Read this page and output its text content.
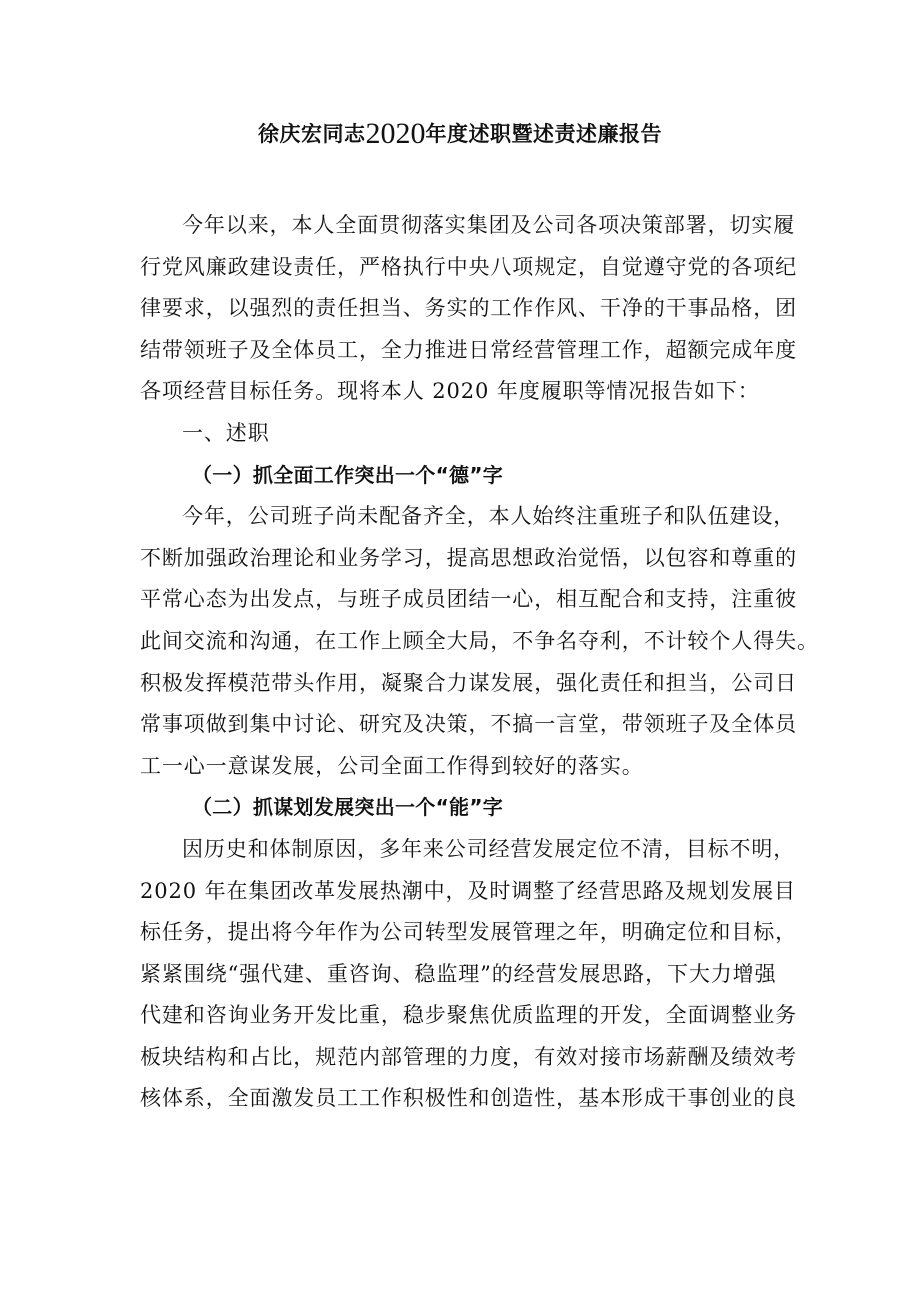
徐庆宏同志2020年度述职暨述责述廉报告
今年以来，本人全面贯彻落实集团及公司各项决策部署，切实履
行党风廉政建设责任，严格执行中央八项规定，自觉遵守党的各项纪
律要求，以强烈的责任担当、务实的工作作风、干净的干事品格，团
结带领班子及全体员工，全力推进日常经营管理工作，超额完成年度
各项经营目标任务。现将本人 2020 年度履职等情况报告如下：
一、述职
（一）抓全面工作突出一个“德”字
今年，公司班子尚未配备齐全，本人始终注重班子和队伍建设，
不断加强政治理论和业务学习，提高思想政治觉悟，以包容和尊重的
平常心态为出发点，与班子成员团结一心，相互配合和支持，注重彼
此间交流和沟通，在工作上顾全大局，不争名夺利，不计较个人得失。
积极发挥模范带头作用，凝聚合力谋发展，强化责任和担当，公司日
常事项做到集中讨论、研究及决策，不搞一言堂，带领班子及全体员
工一心一意谋发展，公司全面工作得到较好的落实。
（二）抓谋划发展突出一个“能”字
因历史和体制原因，多年来公司经营发展定位不清，目标不明，
2020 年在集团改革发展热潮中，及时调整了经营思路及规划发展目
标任务，提出将今年作为公司转型发展管理之年，明确定位和目标，
紧紧围绕“强代建、重咨询、稳监理”的经营发展思路，下大力增强
代建和咨询业务开发比重，稳步聚焦优质监理的开发，全面调整业务
板块结构和占比，规范内部管理的力度，有效对接市场薪酬及绩效考
核体系，全面激发员工工作积极性和创造性，基本形成干事创业的良
